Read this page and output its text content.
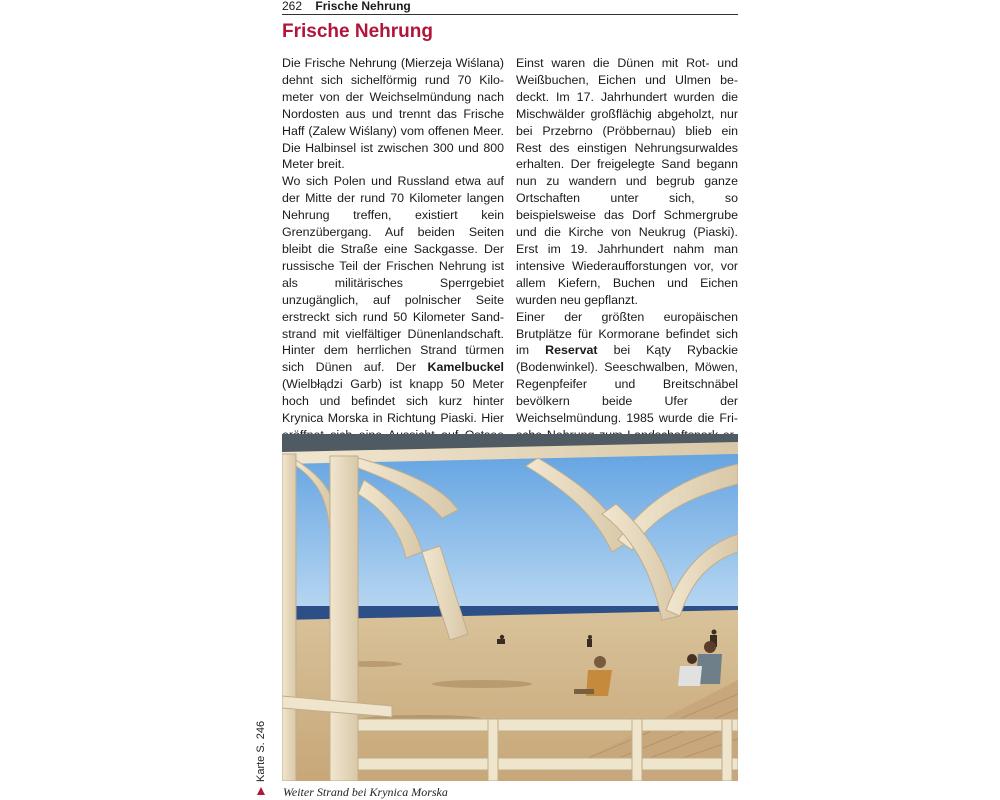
262 Frische Nehrung
Frische Nehrung

Die Frische Nehrung (Mierzeja Wiślana) dehnt sich sichelförmig rund 70 Kilometer von der Weichselmündung nach Nordosten aus und trennt das Frische Haff (Zalew Wiślany) vom offenen Meer. Die Halbinsel ist zwischen 300 und 800 Meter breit.

Wo sich Polen und Russland etwa auf der Mitte der rund 70 Kilometer langen Nehrung treffen, existiert kein Grenzübergang. Auf beiden Seiten bleibt die Straße eine Sackgasse. Der russische Teil der Frischen Nehrung ist als militärisches Sperrgebiet unzugänglich, auf polnischer Seite erstreckt sich rund 50 Kilometer Sandstrand mit vielfältiger Dünenlandschaft. Hinter dem herrlichen Strand türmen sich Dünen auf. Der Kamelbuckel (Wielbłądzi Garb) ist knapp 50 Meter hoch und befindet sich kurz hinter Krynica Morska in Richtung Piaski. Hier

Einst waren die Dünen mit Rot- und Weißbuchen, Eichen und Ulmen bedeckt. Im 17. Jahrhundert wurden die Mischwälder großflächig abgeholzt, nur bei Przebrno (Pröbbernau) blieb ein Rest des einstigen Nehrungsurwaldes erhalten. Der freigelegte Sand begann nun zu wandern und begrub ganze Ortschaften unter sich, so beispielsweise das Dorf Schmergrube und die Kirche von Neukrug (Piaski). Erst im 19. Jahrhundert nahm man intensive Wiederaufforstungen vor, vor allem Kiefern, Buchen und Eichen wurden neu gepflanzt.

Einer der größten europäischen Brutplätze für Kormorane befindet sich im Reservat bei Kąty Rybackie (Bodenwinkel). Seeschwalben, Möwen, Regenpfeifer und Breitschnäbel bevölkern beide Ufer der Weichselmündung. 1985 wurde die Fri

Weiter Strand bei Krynica Morska
Karte S. 246
